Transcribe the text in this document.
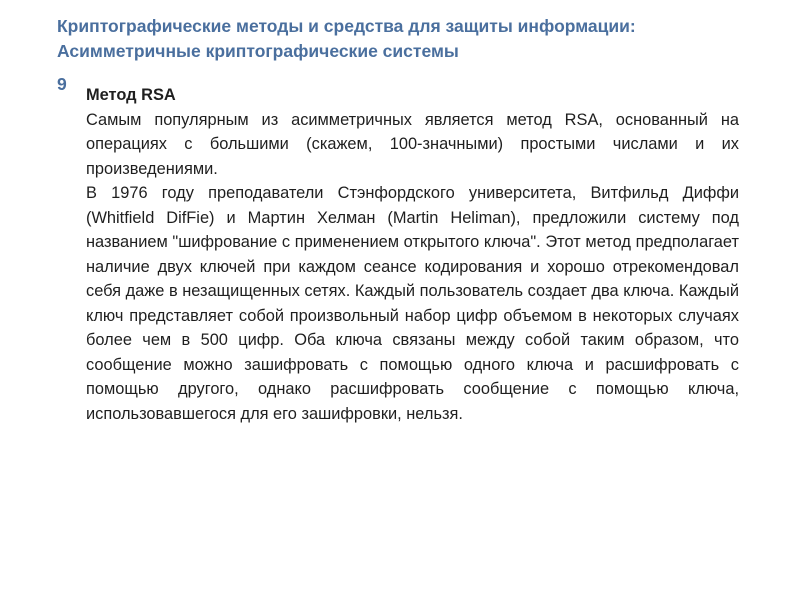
Криптографические методы и средства для защиты информации:
Асимметричные криптографические системы
9

Метод RSA

Самым популярным из асимметричных является метод RSA, основанный на операциях с большими (скажем, 100-значными) простыми числами и их произведениями.

В 1976 году преподаватели Стэнфордского университета, Витфильд Диффи (Whitfield DifFie) и Мартин Хелман (Martin Heliman), предложили систему под названием "шифрование с применением открытого ключа". Этот метод предполагает наличие двух ключей при каждом сеансе кодирования и хорошо отрекомендовал себя даже в незащищенных сетях. Каждый пользователь создает два ключа. Каждый ключ представляет собой произвольный набор цифр объемом в некоторых случаях более чем в 500 цифр. Оба ключа связаны между собой таким образом, что сообщение можно зашифровать с помощью одного ключа и расшифровать с помощью другого, однако расшифровать сообщение с помощью ключа, использовавшегося для его зашифровки, нельзя.
